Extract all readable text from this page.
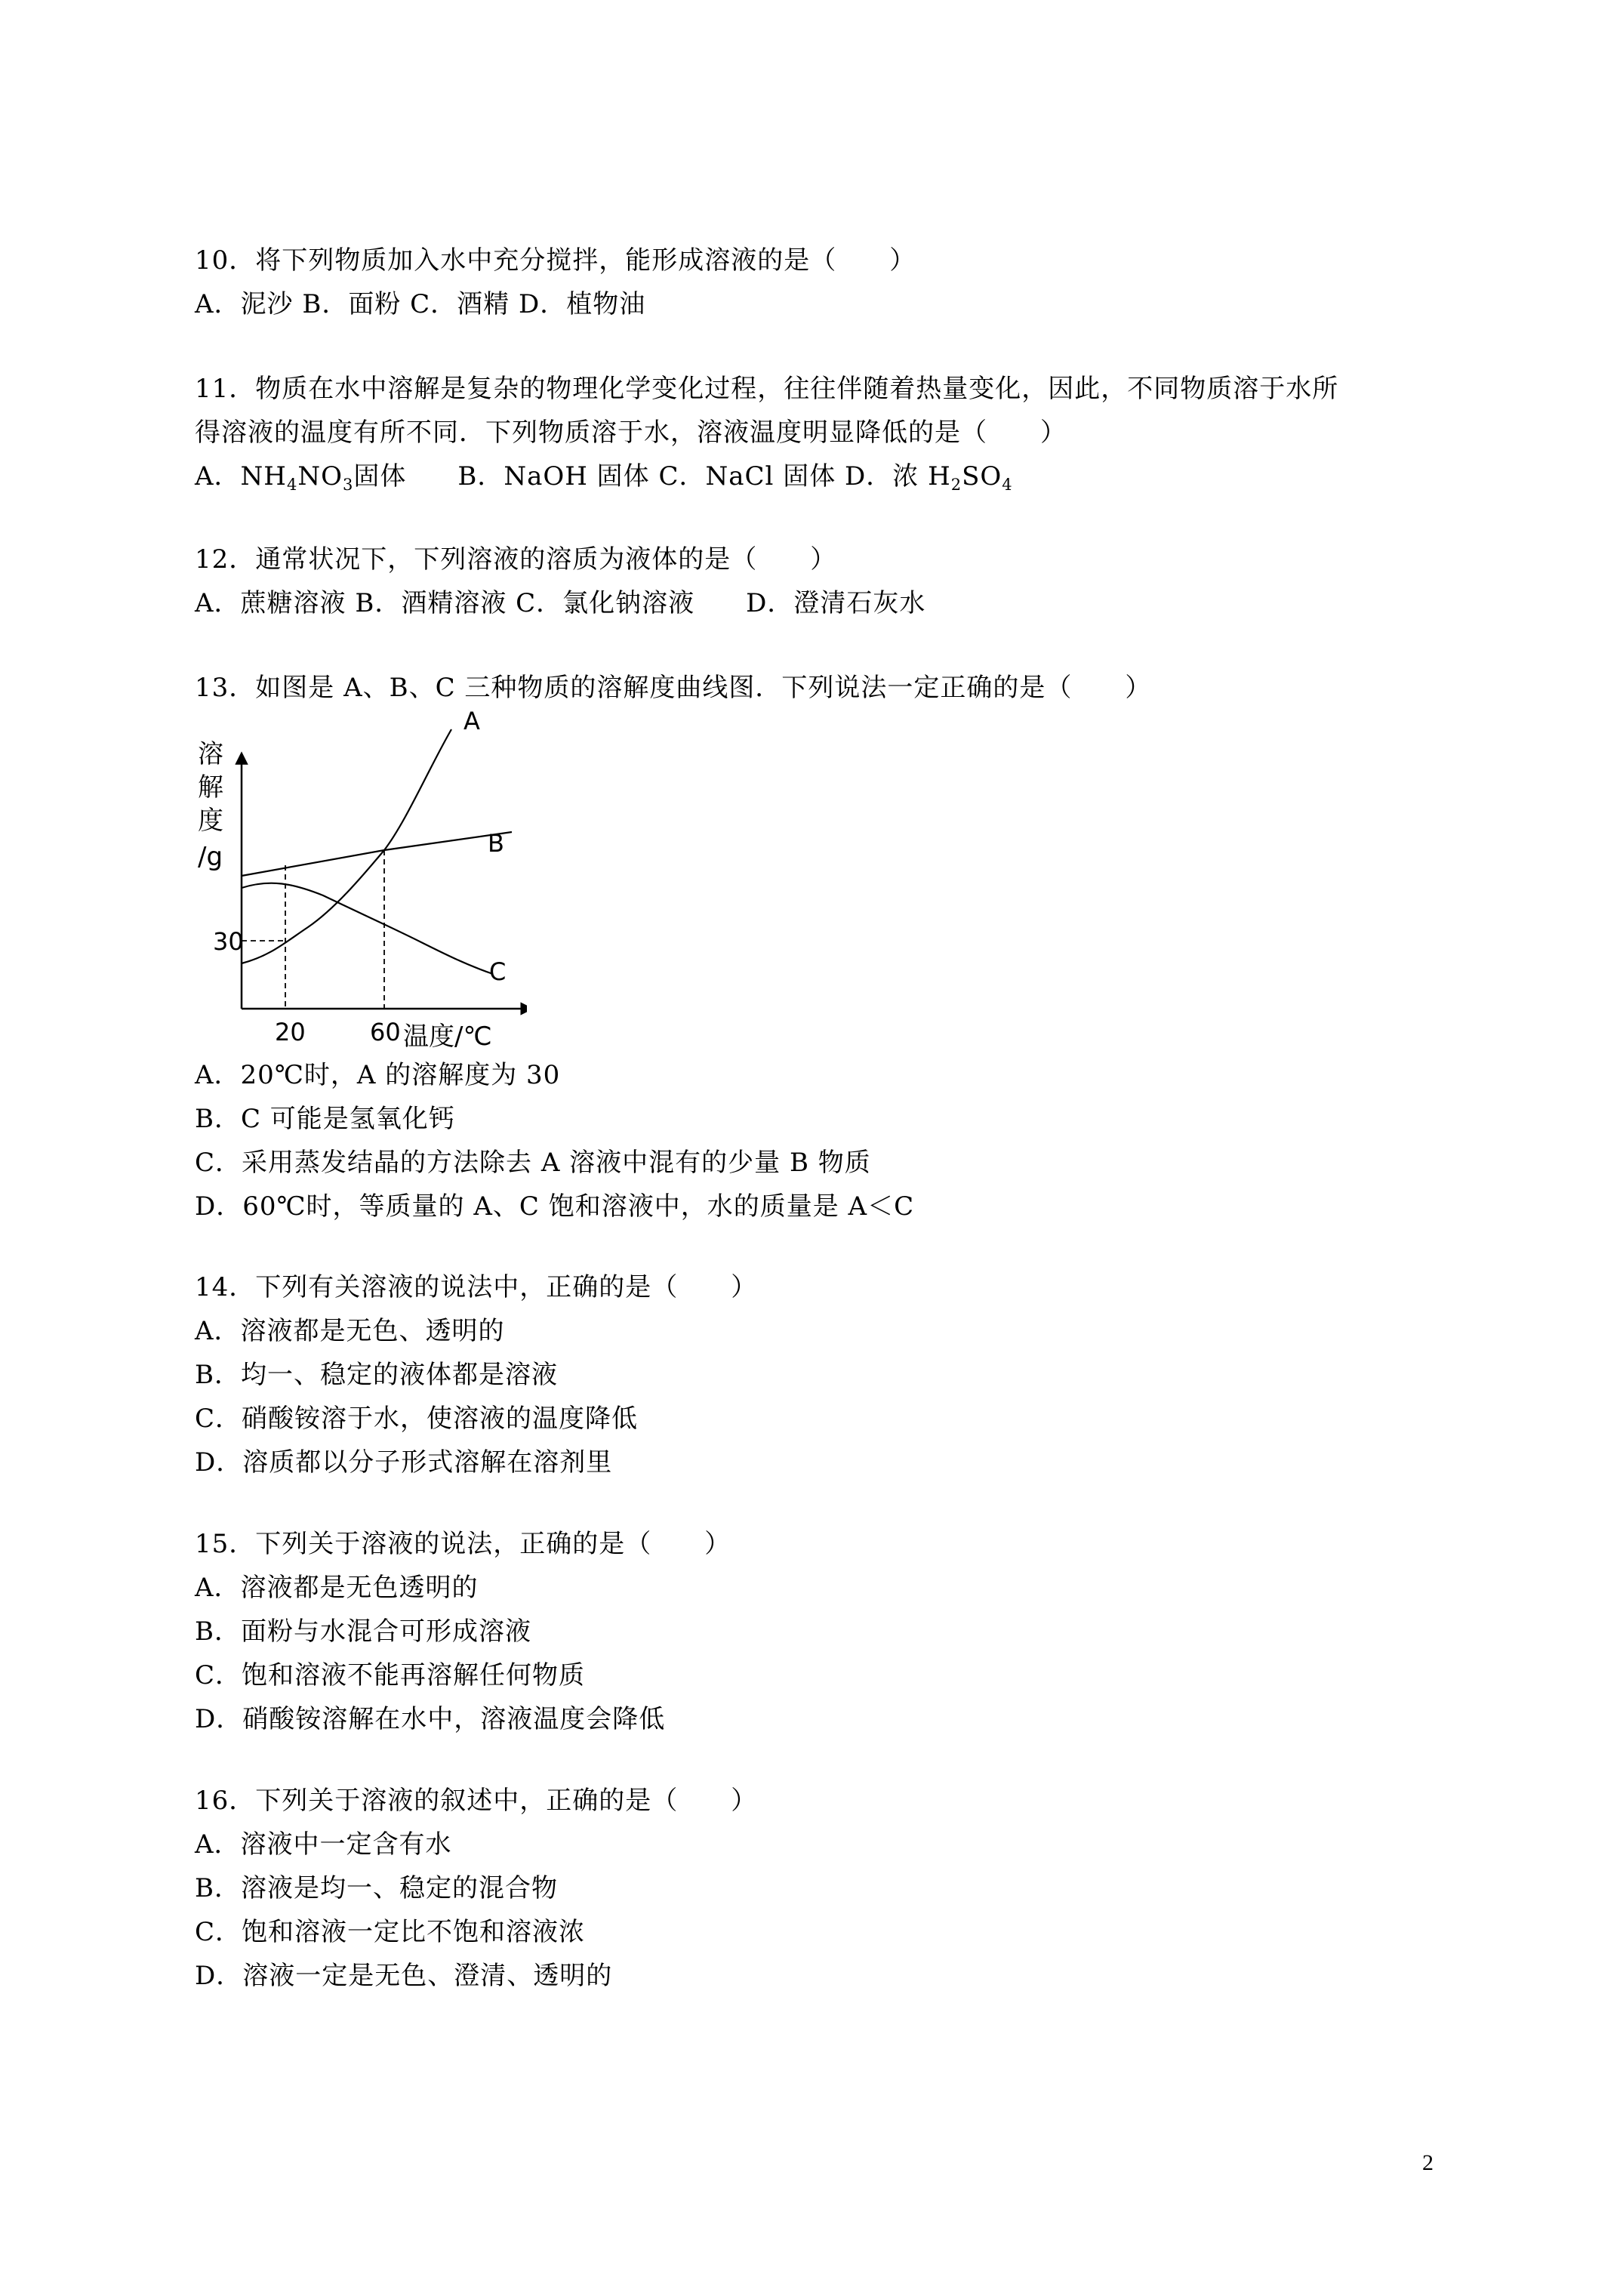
10．将下列物质加入水中充分搅拌，能形成溶液的是（　　）
A．泥沙 B．面粉 C．酒精 D．植物油
11．物质在水中溶解是复杂的物理化学变化过程，往往伴随着热量变化，因此，不同物质溶于水所
得溶液的温度有所不同．下列物质溶于水，溶液温度明显降低的是（　　）
A．$NH_4NO_3$固体 B．NaOH 固体 C．NaCl 固体 D．浓 $H_2SO_4$
12．通常状况下，下列溶液的溶质为液体的是（　　）
A．蔗糖溶液 B．酒精溶液 C．氯化钠溶液 D．澄清石灰水
13．如图是 A、B、C 三种物质的溶解度曲线图．下列说法一定正确的是（　　）
溶
解
度
/g
30
20	60 温度/℃
A
B
C
A．20℃时，A 的溶解度为 30
B．C 可能是氢氧化钙
C．采用蒸发结晶的方法除去 A 溶液中混有的少量 B 物质
D．60℃时，等质量的 A、C 饱和溶液中，水的质量是 A＜C
14．下列有关溶液的说法中，正确的是（　　）
A．溶液都是无色、透明的
B．均一、稳定的液体都是溶液
C．硝酸铵溶于水，使溶液的温度降低
D．溶质都以分子形式溶解在溶剂里
15．下列关于溶液的说法，正确的是（　　）
A．溶液都是无色透明的
B．面粉与水混合可形成溶液
C．饱和溶液不能再溶解任何物质
D．硝酸铵溶解在水中，溶液温度会降低
16．下列关于溶液的叙述中，正确的是（　　）
A．溶液中一定含有水
B．溶液是均一、稳定的混合物
C．饱和溶液一定比不饱和溶液浓
D．溶液一定是无色、澄清、透明的
2
